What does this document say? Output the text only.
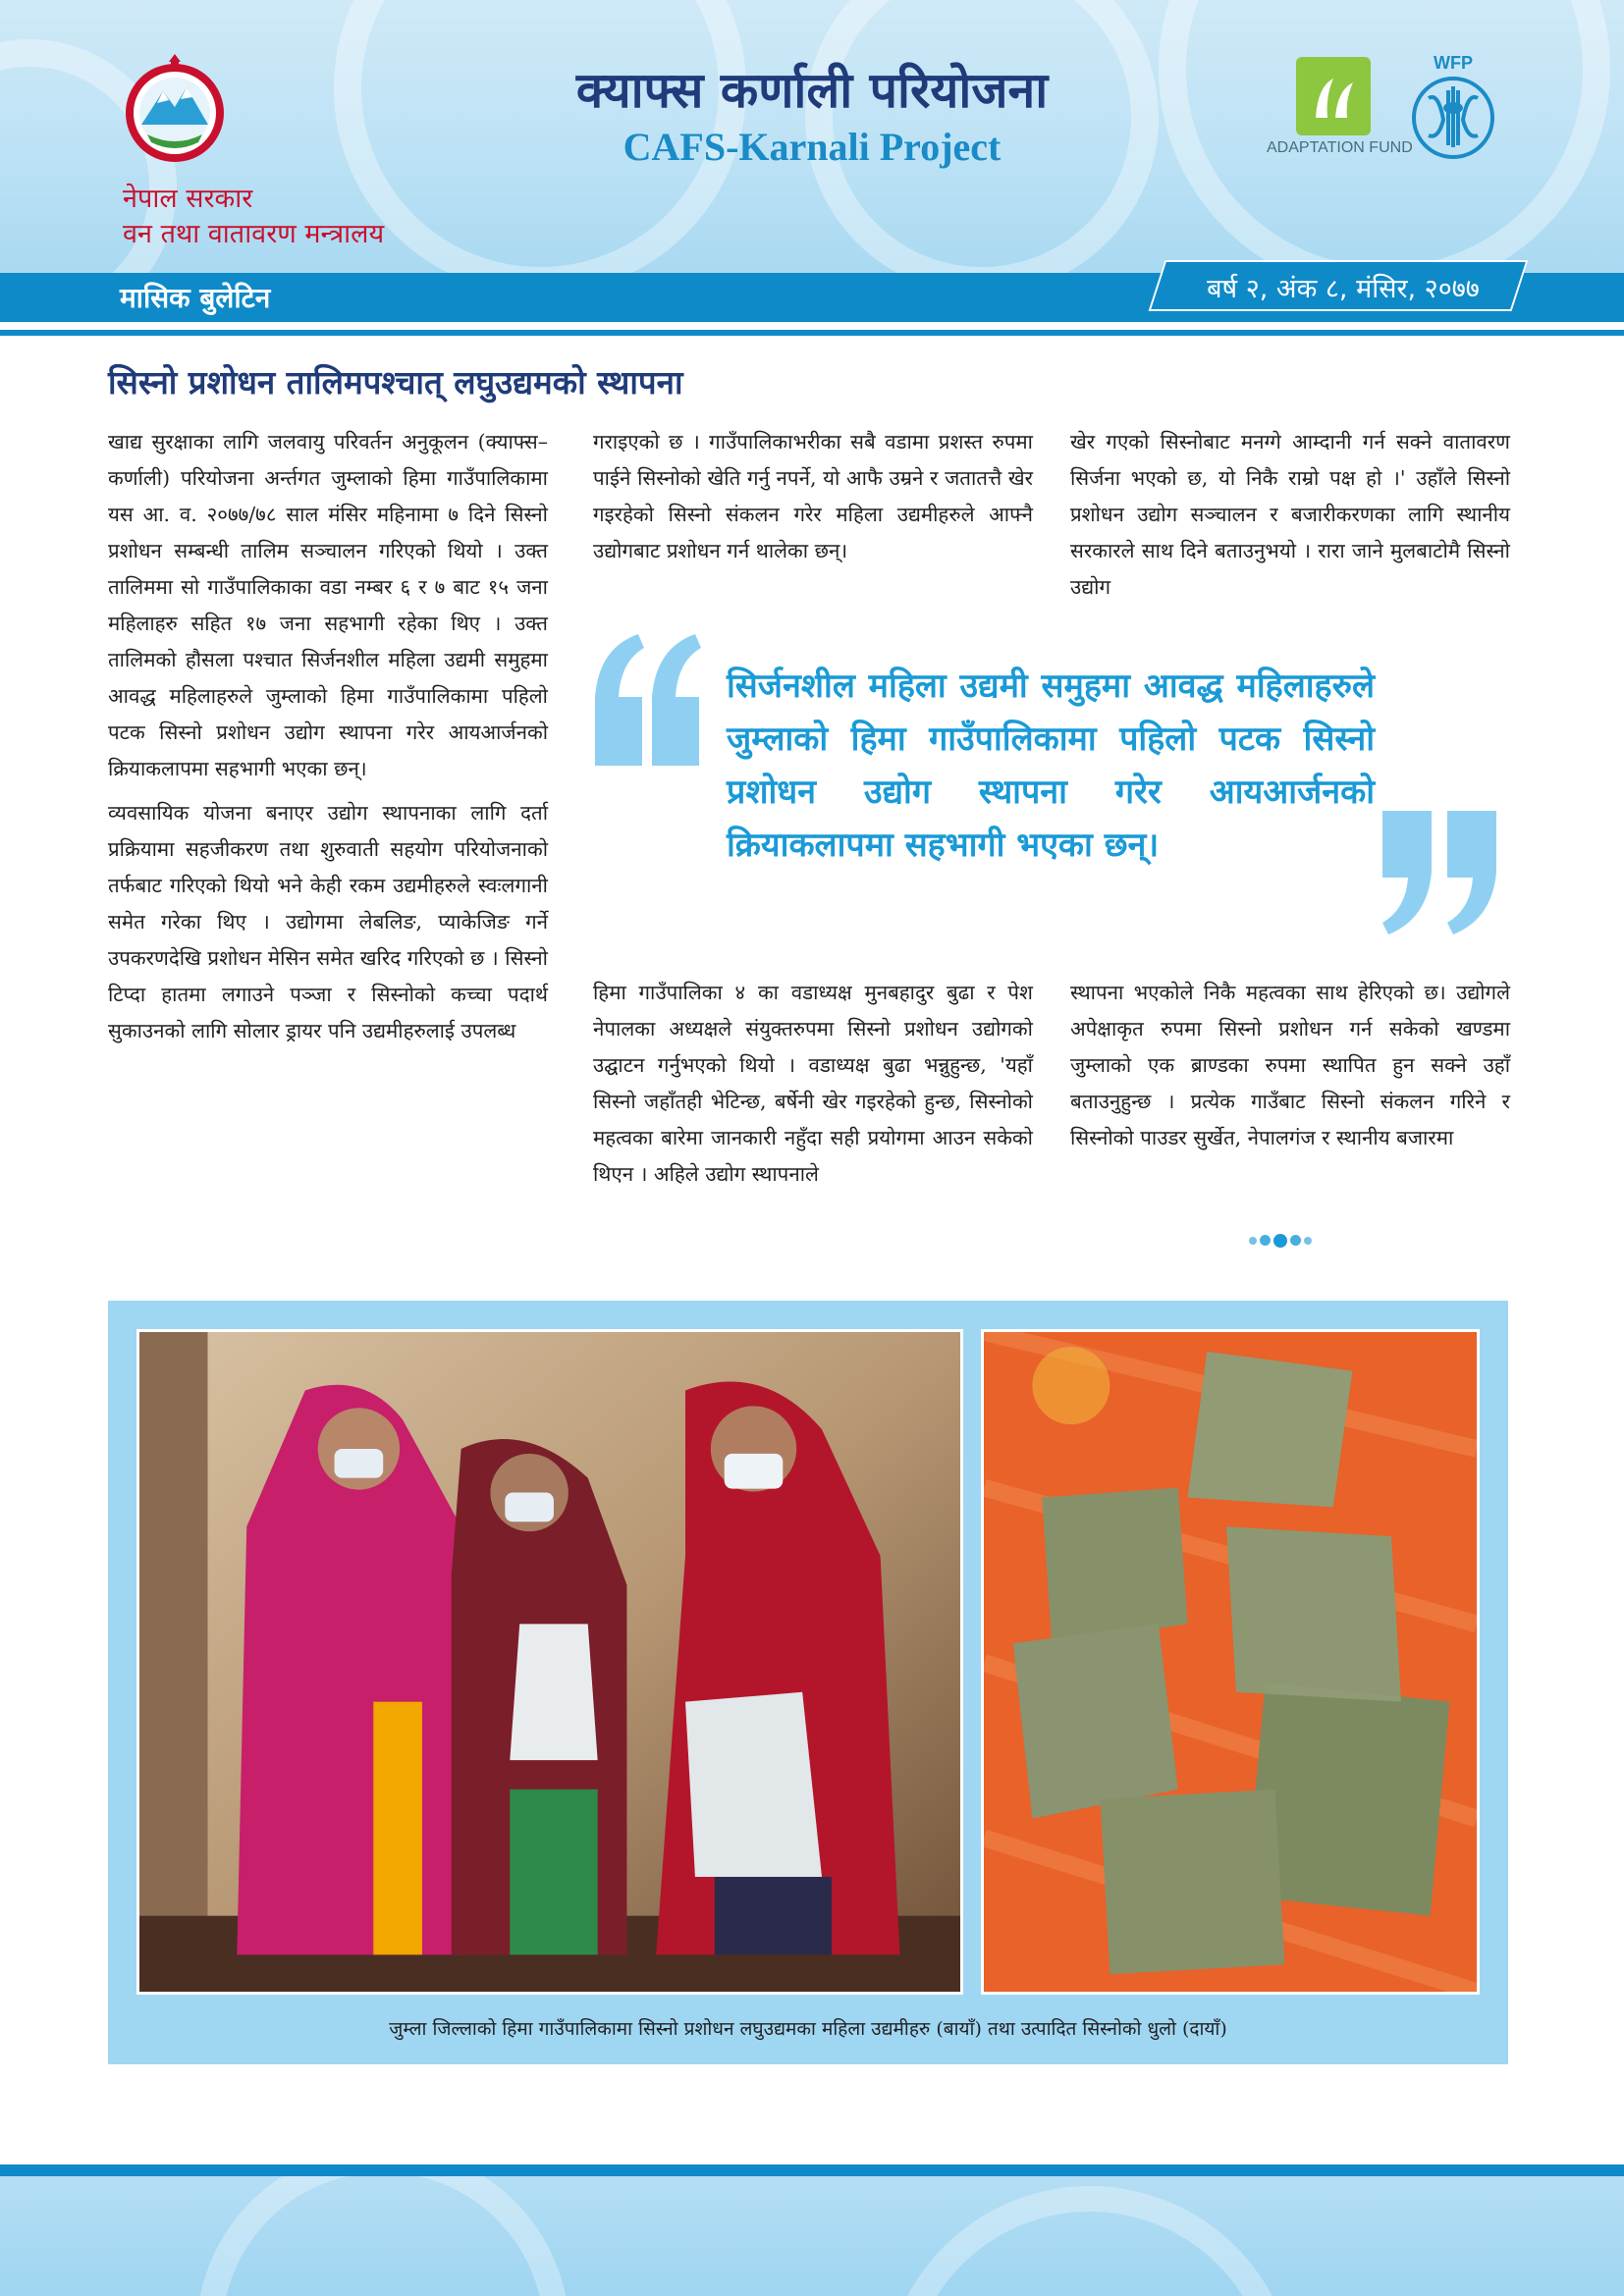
नेपाल सरकार
वन तथा वातावरण मन्त्रालय
क्याफ्स कर्णाली परियोजना
CAFS-Karnali Project	ADAPTATION FUND
WFP
मासिक बुलेटिन	बर्ष २, अंक ८, मंसिर, २०७७
सिस्नो प्रशोधन तालिमपश्चात् लघुउद्यमको स्थापना

खाद्य सुरक्षाका लागि जलवायु परिवर्तन अनुकूलन (क्याफ्स–कर्णाली) परियोजना अर्न्तगत जुम्लाको हिमा गाउँपालिकामा यस आ. व. २०७७/७८ साल मंसिर महिनामा ७ दिने सिस्नो प्रशोधन सम्बन्धी तालिम सञ्चालन गरिएको थियो । उक्त तालिममा सो गाउँपालिकाका वडा नम्बर ६ र ७ बाट १५ जना महिलाहरु सहित १७ जना सहभागी रहेका थिए । उक्त तालिमको हौसला पश्चात सिर्जनशील महिला उद्यमी समुहमा आवद्ध महिलाहरुले जुम्लाको हिमा गाउँपालिकामा पहिलो पटक सिस्नो प्रशोधन उद्योग स्थापना गरेर आयआर्जनको क्रियाकलापमा सहभागी भएका छन्।

व्यवसायिक योजना बनाएर उद्योग स्थापनाका लागि दर्ता प्रक्रियामा सहजीकरण तथा शुरुवाती सहयोग परियोजनाको तर्फबाट गरिएको थियो भने केही रकम उद्यमीहरुले स्वःलगानी समेत गरेका थिए । उद्योगमा लेबलिङ, प्याकेजिङ गर्ने उपकरणदेखि प्रशोधन मेसिन समेत खरिद गरिएको छ । सिस्नो टिप्दा हातमा लगाउने पञ्जा र सिस्नोको कच्चा पदार्थ सुकाउनको लागि सोलार ड्रायर पनि उद्यमीहरुलाई उपलब्ध

गराइएको छ । गाउँपालिकाभरीका सबै वडामा प्रशस्त रुपमा पाईने सिस्नोको खेति गर्नु नपर्ने, यो आफै उम्रने र जतातत्तै खेर गइरहेको सिस्नो संकलन गरेर महिला उद्यमीहरुले आफ्नै उद्योगबाट प्रशोधन गर्न थालेका छन्।

खेर गएको सिस्नोबाट मनग्गे आम्दानी गर्न सक्ने वातावरण सिर्जना भएको छ, यो निकै राम्रो पक्ष हो ।' उहाँले सिस्नो प्रशोधन उद्योग सञ्चालन र बजारीकरणका लागि स्थानीय सरकारले साथ दिने बताउनुभयो । रारा जाने मुलबाटोमै सिस्नो उद्योग

सिर्जनशील महिला उद्यमी समुहमा आवद्ध महिलाहरुले जुम्लाको हिमा गाउँपालिकामा पहिलो पटक सिस्नो प्रशोधन उद्योग स्थापना गरेर आयआर्जनको क्रियाकलापमा सहभागी भएका छन्।

हिमा गाउँपालिका ४ का वडाध्यक्ष मुनबहादुर बुढा र पेश नेपालका अध्यक्षले संयुक्तरुपमा सिस्नो प्रशोधन उद्योगको उद्घाटन गर्नुभएको थियो । वडाध्यक्ष बुढा भन्नुहुन्छ, 'यहाँ सिस्नो जहाँतही भेटिन्छ, बर्षेनी खेर गइरहेको हुन्छ, सिस्नोको महत्वका बारेमा जानकारी नहुँदा सही प्रयोगमा आउन सकेको थिएन । अहिले उद्योग स्थापनाले

स्थापना भएकोले निकै महत्वका साथ हेरिएको छ। उद्योगले अपेक्षाकृत रुपमा सिस्नो प्रशोधन गर्न सकेको खण्डमा जुम्लाको एक ब्राण्डका रुपमा स्थापित हुन सक्ने उहाँ बताउनुहुन्छ । प्रत्येक गाउँबाट सिस्नो संकलन गरिने र सिस्नोको पाउडर सुर्खेत, नेपालगंज र स्थानीय बजारमा

जुम्ला जिल्लाको हिमा गाउँपालिकामा सिस्नो प्रशोधन लघुउद्यमका महिला उद्यमीहरु (बायाँ) तथा उत्पादित सिस्नोको धुलो (दायाँ)
